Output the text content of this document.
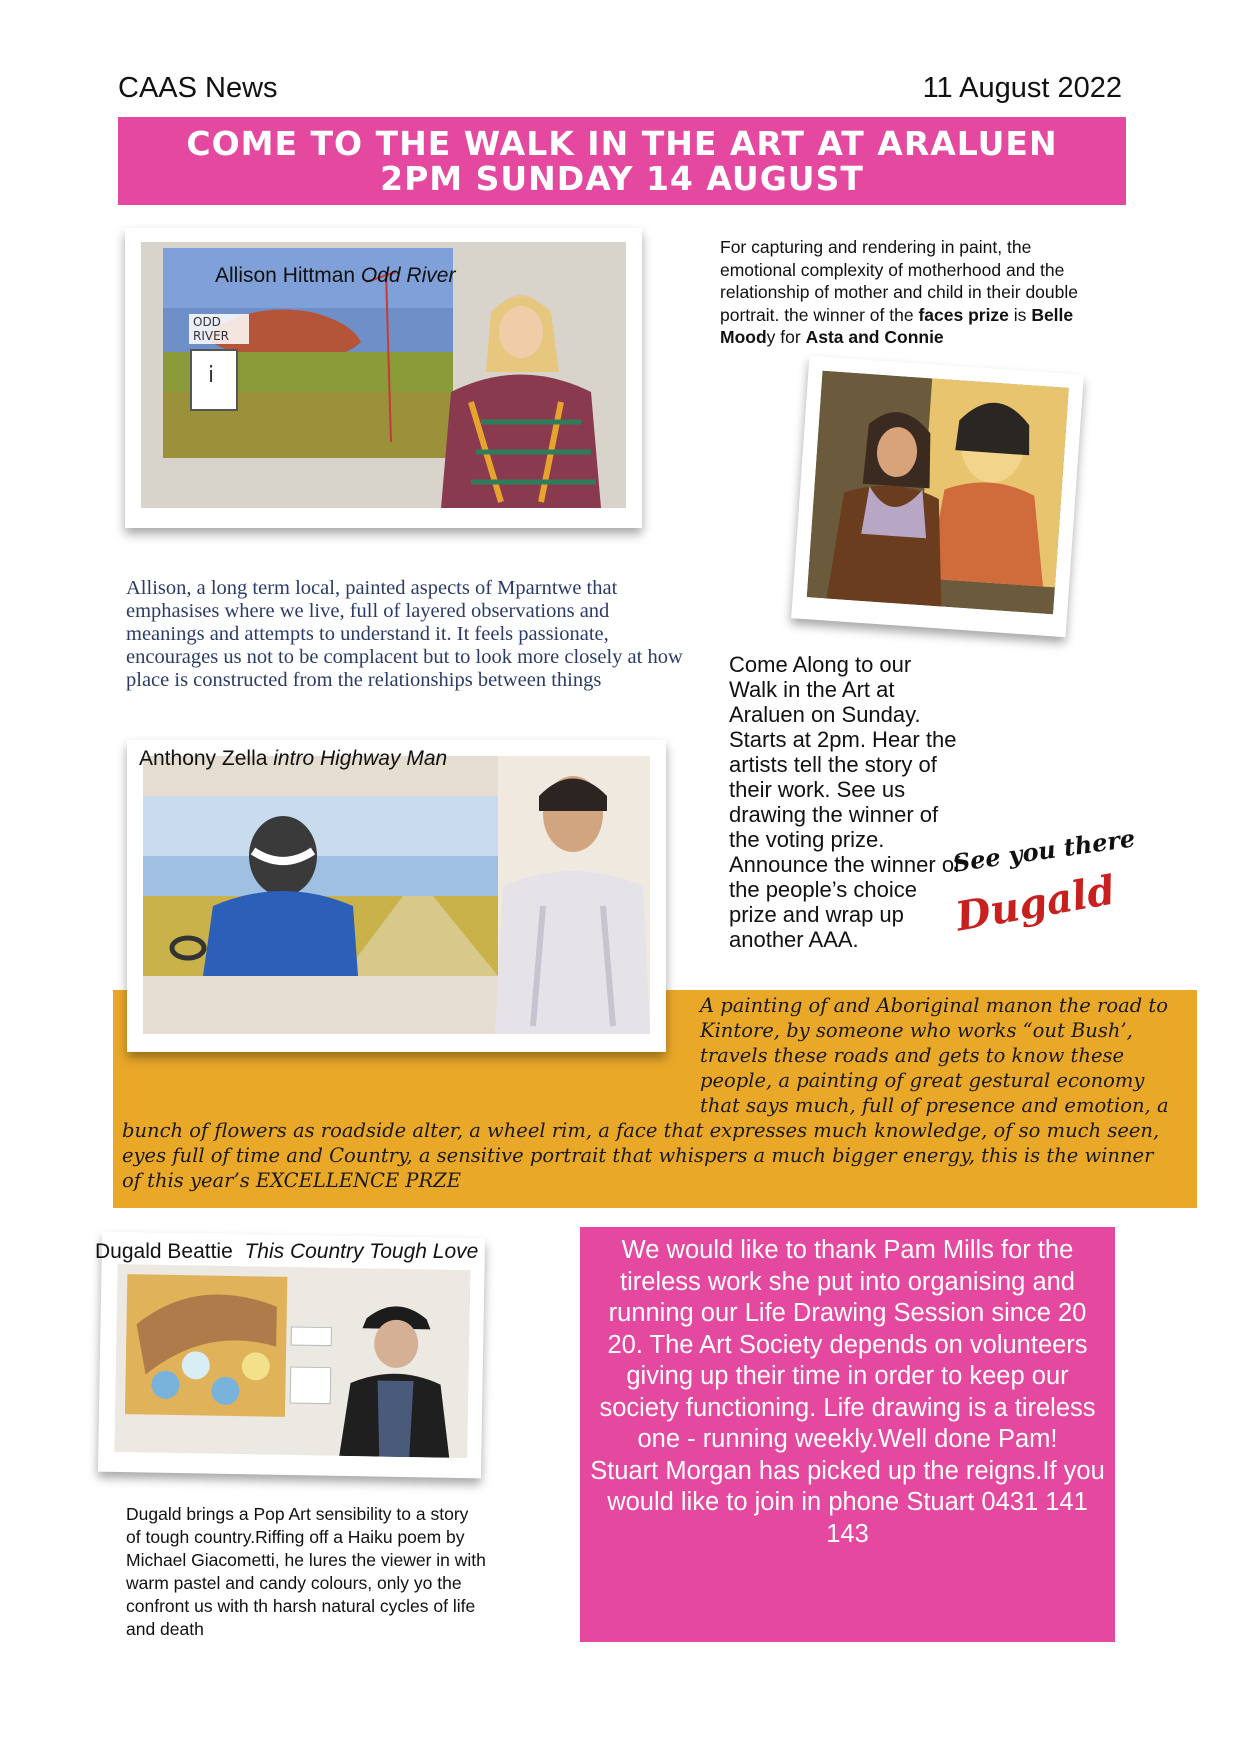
CAAS News	11 August 2022
COME TO THE WALK IN THE ART AT ARALUEN
2PM SUNDAY 14 AUGUST
ODD
RIVER
i
Allison Hittman Odd River
Allison, a long term local, painted aspects of Mparntwe that emphasises where we live, full of layered observations and meanings and attempts to understand it. It feels passionate, encourages us not to be complacent but to look more closely at how place is constructed from the relationships between things
For capturing and rendering in paint, the emotional complexity of motherhood and the relationship of mother and child in their double portrait. the winner of the faces prize is Belle Moody for Asta and Connie
Come Along to our Walk in the Art at Araluen on Sunday. Starts at 2pm. Hear the artists tell the story of their work. See us drawing the winner of the voting prize. Announce the winner of the people’s choice prize and wrap up another AAA.
See you there
Dugald
A painting of and Aboriginal manon the road to Kintore, by someone who works “out Bush’, travels these roads and gets to know these people, a painting of great gestural economy that says much, full of presence and emotion, a
bunch of flowers as roadside alter, a wheel rim, a face that expresses much knowledge, of so much seen, eyes full of time and Country, a sensitive portrait that whispers a much bigger energy, this is the winner of this year’s EXCELLENCE PRZE
Anthony Zella intro Highway Man
Dugald Beattie This Country Tough Love
Dugald brings a Pop Art sensibility to a story of tough country.Riffing off a Haiku poem by Michael Giacometti, he lures the viewer in with warm pastel and candy colours, only yo the confront us with th harsh natural cycles of life and death
We would like to thank Pam Mills for the tireless work she put into organising and running our Life Drawing Session since 20 20. The Art Society depends on volunteers giving up their time in order to keep our society functioning. Life drawing is a tireless one - running weekly.Well done Pam!
Stuart Morgan has picked up the reigns.If you would like to join in phone Stuart 0431 141 143
